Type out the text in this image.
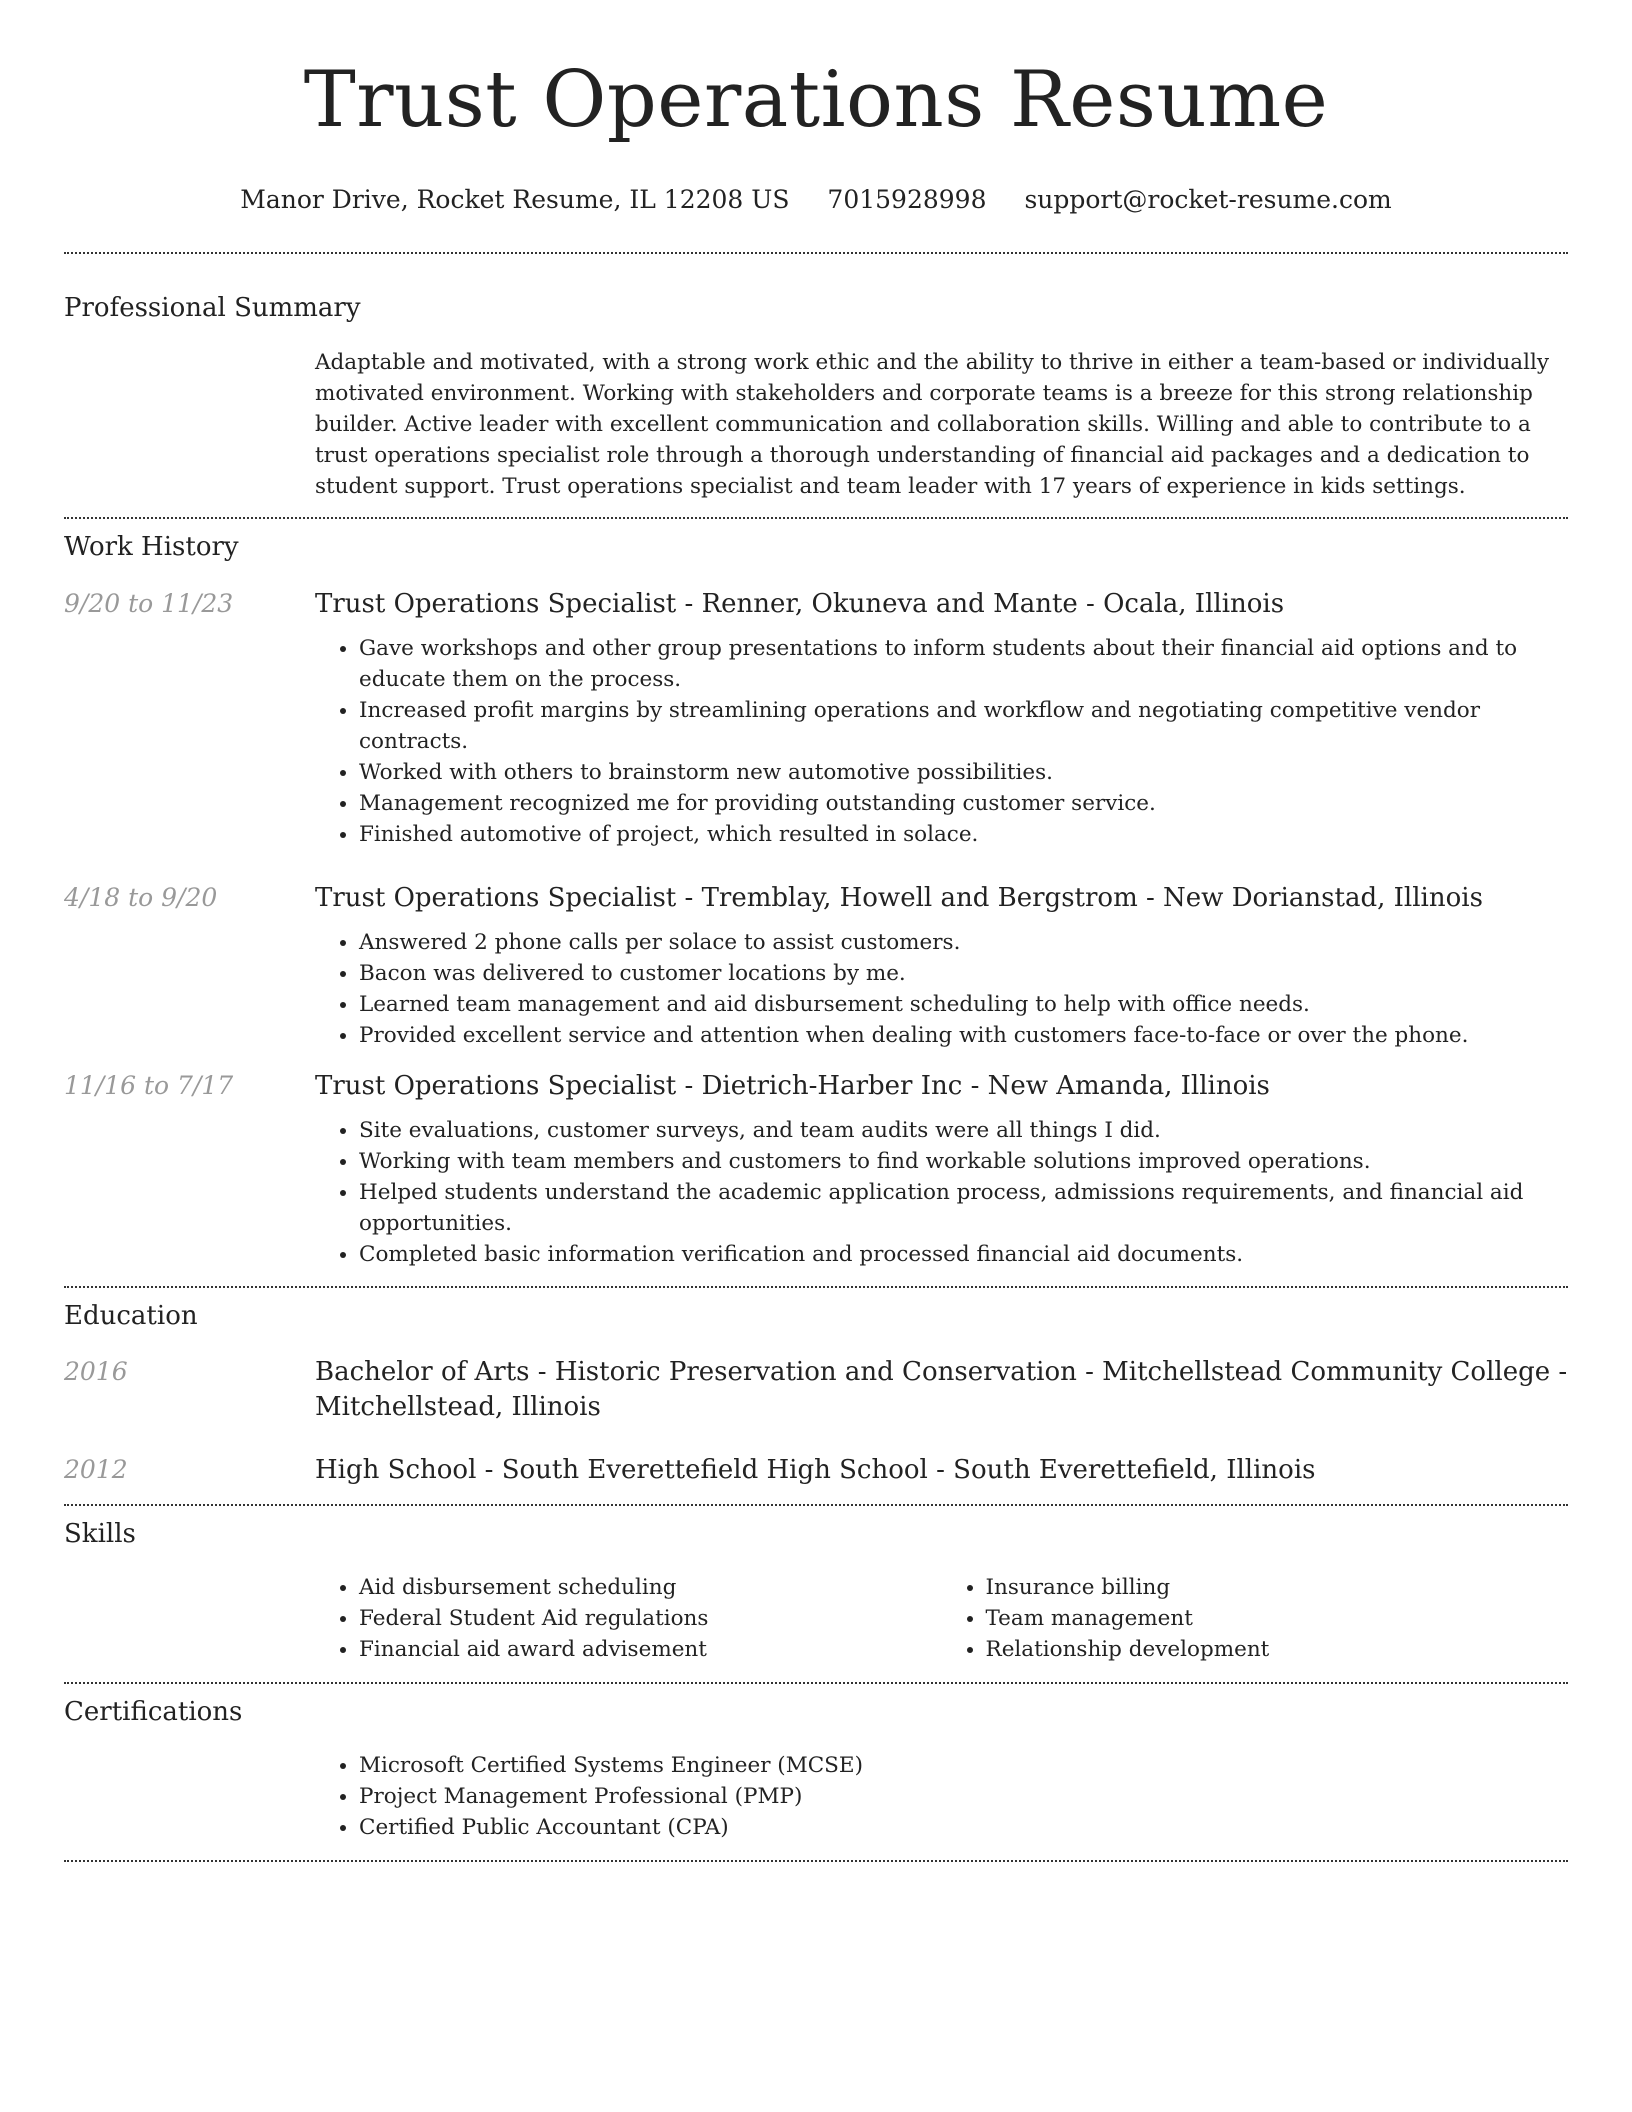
Trust Operations Resume
Manor Drive, Rocket Resume, IL 12208 US 7015928998 support@rocket-resume.com
Professional Summary
Adaptable and motivated, with a strong work ethic and the ability to thrive in either a team-based or individually motivated environment. Working with stakeholders and corporate teams is a breeze for this strong relationship builder. Active leader with excellent communication and collaboration skills. Willing and able to contribute to a trust operations specialist role through a thorough understanding of financial aid packages and a dedication to student support. Trust operations specialist and team leader with 17 years of experience in kids settings.
Work History
9/20 to 11/23	Trust Operations Specialist - Renner, Okuneva and Mante - Ocala, Illinois
• Gave workshops and other group presentations to inform students about their financial aid options and to educate them on the process.
• Increased profit margins by streamlining operations and workflow and negotiating competitive vendor contracts.
• Worked with others to brainstorm new automotive possibilities.
• Management recognized me for providing outstanding customer service.
• Finished automotive of project, which resulted in solace.
4/18 to 9/20	Trust Operations Specialist - Tremblay, Howell and Bergstrom - New Dorianstad, Illinois
• Answered 2 phone calls per solace to assist customers.
• Bacon was delivered to customer locations by me.
• Learned team management and aid disbursement scheduling to help with office needs.
• Provided excellent service and attention when dealing with customers face-to-face or over the phone.
11/16 to 7/17	Trust Operations Specialist - Dietrich-Harber Inc - New Amanda, Illinois
• Site evaluations, customer surveys, and team audits were all things I did.
• Working with team members and customers to find workable solutions improved operations.
• Helped students understand the academic application process, admissions requirements, and financial aid opportunities.
• Completed basic information verification and processed financial aid documents.
Education
2016	Bachelor of Arts - Historic Preservation and Conservation - Mitchellstead Community College - Mitchellstead, Illinois
2012	High School - South Everettefield High School - South Everettefield, Illinois
Skills
• Aid disbursement scheduling
• Federal Student Aid regulations
• Financial aid award advisement
• Insurance billing
• Team management
• Relationship development
Certifications
• Microsoft Certified Systems Engineer (MCSE)
• Project Management Professional (PMP)
• Certified Public Accountant (CPA)
